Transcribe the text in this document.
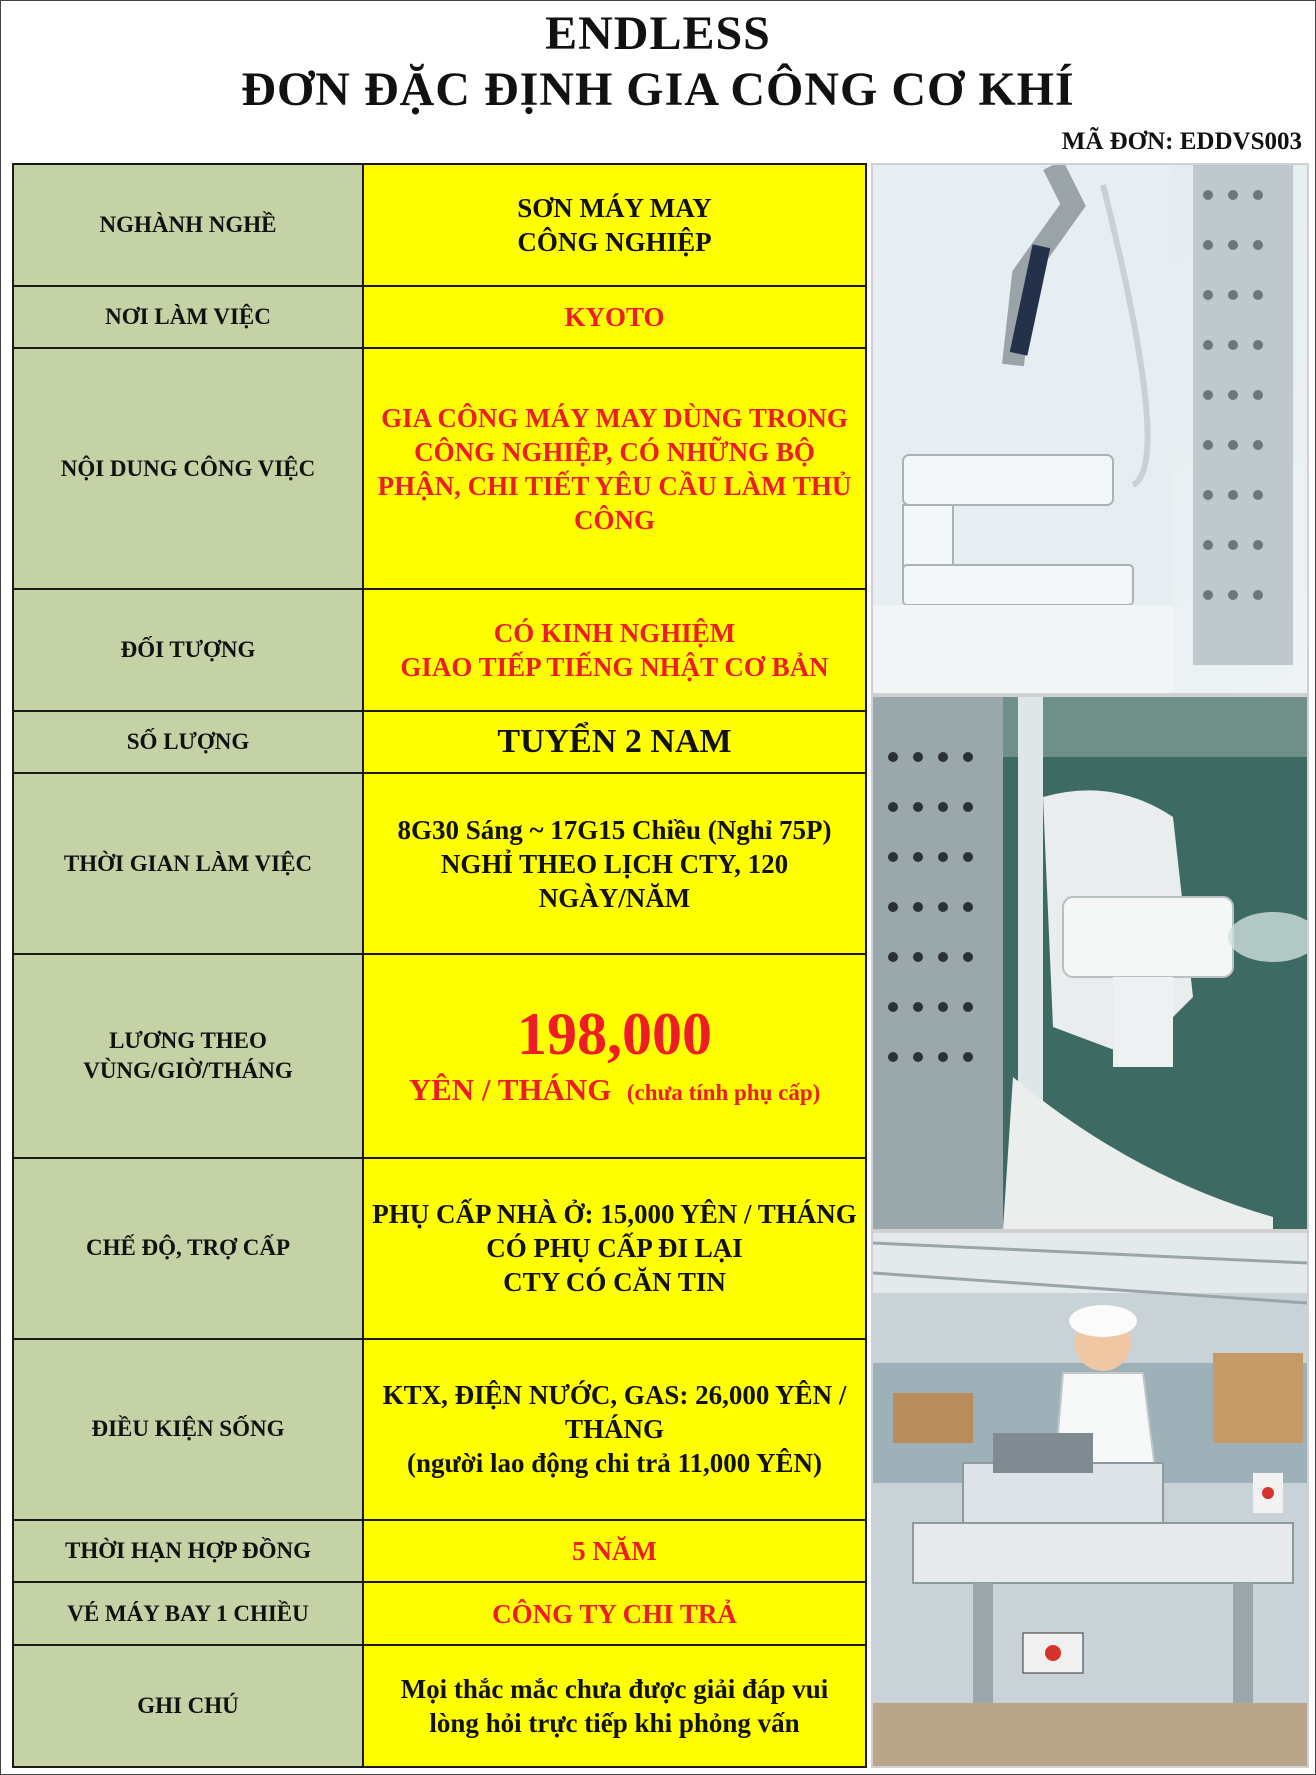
ENDLESS
ĐƠN ĐẶC ĐỊNH GIA CÔNG CƠ KHÍ
MÃ ĐƠN: EDDVS003
NGHÀNH NGHỀ	SƠN MÁY MAY
CÔNG NGHIỆP

NƠI LÀM VIỆC	KYOTO
NỘI DUNG CÔNG VIỆC	GIA CÔNG MÁY MAY DÙNG TRONG
CÔNG NGHIỆP, CÓ NHỮNG BỘ
PHẬN, CHI TIẾT YÊU CẦU LÀM THỦ
CÔNG

ĐỐI TƯỢNG	CÓ KINH NGHIỆM
GIAO TIẾP TIẾNG NHẬT CƠ BẢN

SỐ LƯỢNG	TUYỂN 2 NAM
THỜI GIAN LÀM VIỆC	8G30 Sáng ~ 17G15 Chiều (Nghỉ 75P)
NGHỈ THEO LỊCH CTY, 120
NGÀY/NĂM

LƯƠNG THEO
VÙNG/GIỜ/THÁNG	198,000
YÊN / THÁNG (chưa tính phụ cấp)

CHẾ ĐỘ, TRỢ CẤP	PHỤ CẤP NHÀ Ở: 15,000 YÊN / THÁNG
CÓ PHỤ CẤP ĐI LẠI
CTY CÓ CĂN TIN

ĐIỀU KIỆN SỐNG	KTX, ĐIỆN NƯỚC, GAS: 26,000 YÊN /
THÁNG
(người lao động chi trả 11,000 YÊN)

THỜI HẠN HỢP ĐỒNG	5 NĂM
VÉ MÁY BAY 1 CHIỀU	CÔNG TY CHI TRẢ
GHI CHÚ	Mọi thắc mắc chưa được giải đáp vui
lòng hỏi trực tiếp khi phỏng vấn
